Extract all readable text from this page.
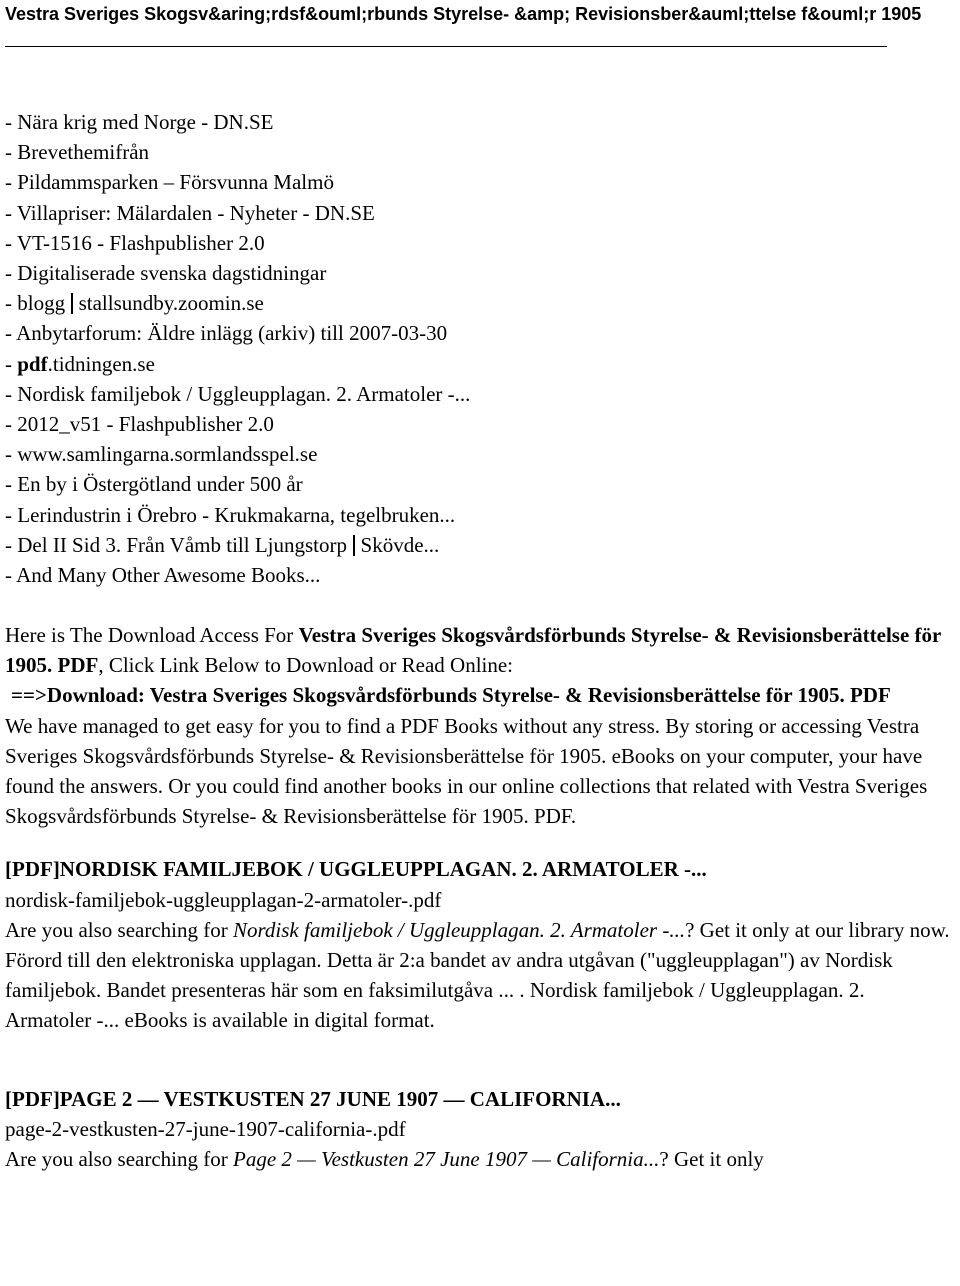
Vestra Sveriges Skogsv&aring;rdsf&ouml;rbunds Styrelse- &amp; Revisionsber&auml;ttelse f&ouml;r 1905
- Nära krig med Norge - DN.SE
- Brevethemifrån
- Pildammsparken – Försvunna Malmö
- Villapriser: Mälardalen - Nyheter - DN.SE
- VT-1516 - Flashpublisher 2.0
- Digitaliserade svenska dagstidningar
- blogg stallsundby.zoomin.se
- Anbytarforum: Äldre inlägg (arkiv) till 2007-03-30
- pdf.tidningen.se
- Nordisk familjebok / Uggleupplagan. 2. Armatoler -...
- 2012_v51 - Flashpublisher 2.0
- www.samlingarna.sormlandsspel.se
- En by i Östergötland under 500 år
- Lerindustrin i Örebro - Krukmakarna, tegelbruken...
- Del II Sid 3. Från Våmb till Ljungstorp Skövde...
- And Many Other Awesome Books...

Here is The Download Access For Vestra Sveriges Skogsvårdsförbunds Styrelse- & Revisionsberättelse för 1905. PDF, Click Link Below to Download or Read Online:

==>Download: Vestra Sveriges Skogsvårdsförbunds Styrelse- & Revisionsberättelse för 1905. PDF

We have managed to get easy for you to find a PDF Books without any stress. By storing or accessing Vestra Sveriges Skogsvårdsförbunds Styrelse- & Revisionsberättelse för 1905. eBooks on your computer, your have found the answers. Or you could find another books in our online collections that related with Vestra Sveriges Skogsvårdsförbunds Styrelse- & Revisionsberättelse för 1905. PDF.

[PDF]NORDISK FAMILJEBOK / UGGLEUPPLAGAN. 2. ARMATOLER -...

nordisk-familjebok-uggleupplagan-2-armatoler-.pdf

Are you also searching for Nordisk familjebok / Uggleupplagan. 2. Armatoler -...? Get it only at our library now. Förord till den elektroniska upplagan. Detta är 2:a bandet av andra utgåvan ("uggleupplagan") av Nordisk familjebok. Bandet presenteras här som en faksimilutgåva ... . Nordisk familjebok / Uggleupplagan. 2. Armatoler -... eBooks is available in digital format.

[PDF]PAGE 2 — VESTKUSTEN 27 JUNE 1907 — CALIFORNIA...

page-2-vestkusten-27-june-1907-california-.pdf

Are you also searching for Page 2 — Vestkusten 27 June 1907 — California...? Get it only
